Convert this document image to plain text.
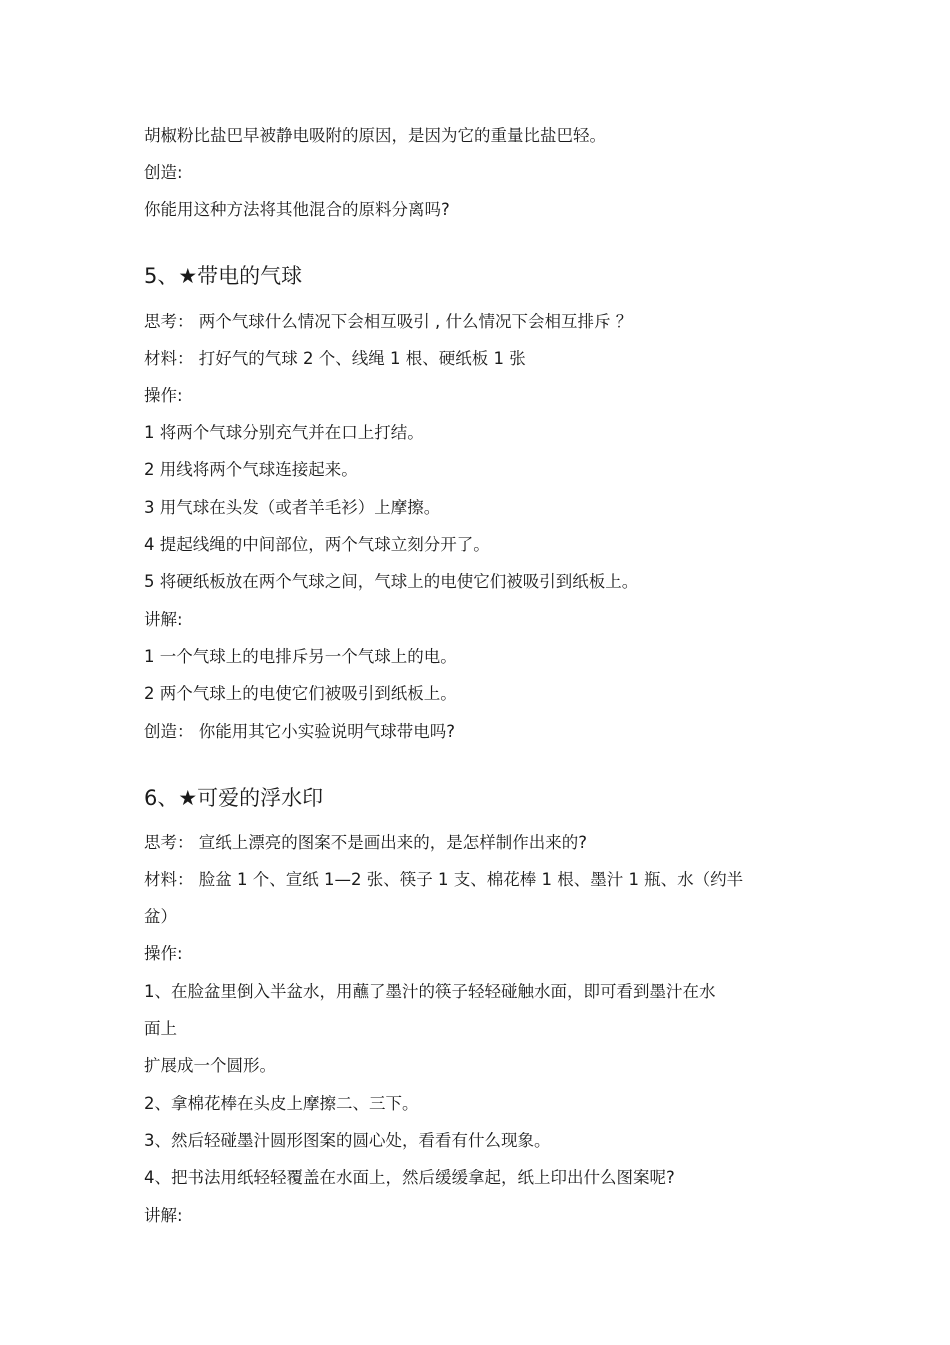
胡椒粉比盐巴早被静电吸附的原因，是因为它的重量比盐巴轻。

创造:

你能用这种方法将其他混合的原料分离吗?

5、★带电的气球

思考： 两个气球什么情况下会相互吸引 , 什么情况下会相互排斥 ？

材料： 打好气的气球 2 个、线绳 1 根、硬纸板 1 张

操作:

1 将两个气球分别充气并在口上打结。

2 用线将两个气球连接起来。

3 用气球在头发（或者羊毛衫）上摩擦。

4 提起线绳的中间部位，两个气球立刻分开了。

5 将硬纸板放在两个气球之间，气球上的电使它们被吸引到纸板上。

讲解:

1 一个气球上的电排斥另一个气球上的电。

2 两个气球上的电使它们被吸引到纸板上。

创造： 你能用其它小实验说明气球带电吗?

6、★可爱的浮水印

思考： 宣纸上漂亮的图案不是画出来的，是怎样制作出来的?

材料： 脸盆 1 个、宣纸 1—2 张、筷子 1 支、棉花棒 1 根、墨汁 1 瓶、水（约半

盆）

操作:

1、在脸盆里倒入半盆水，用蘸了墨汁的筷子轻轻碰触水面，即可看到墨汁在水

面上

扩展成一个圆形。

2、拿棉花棒在头皮上摩擦二、三下。

3、然后轻碰墨汁圆形图案的圆心处，看看有什么现象。

4、把书法用纸轻轻覆盖在水面上，然后缓缓拿起，纸上印出什么图案呢?

讲解:
